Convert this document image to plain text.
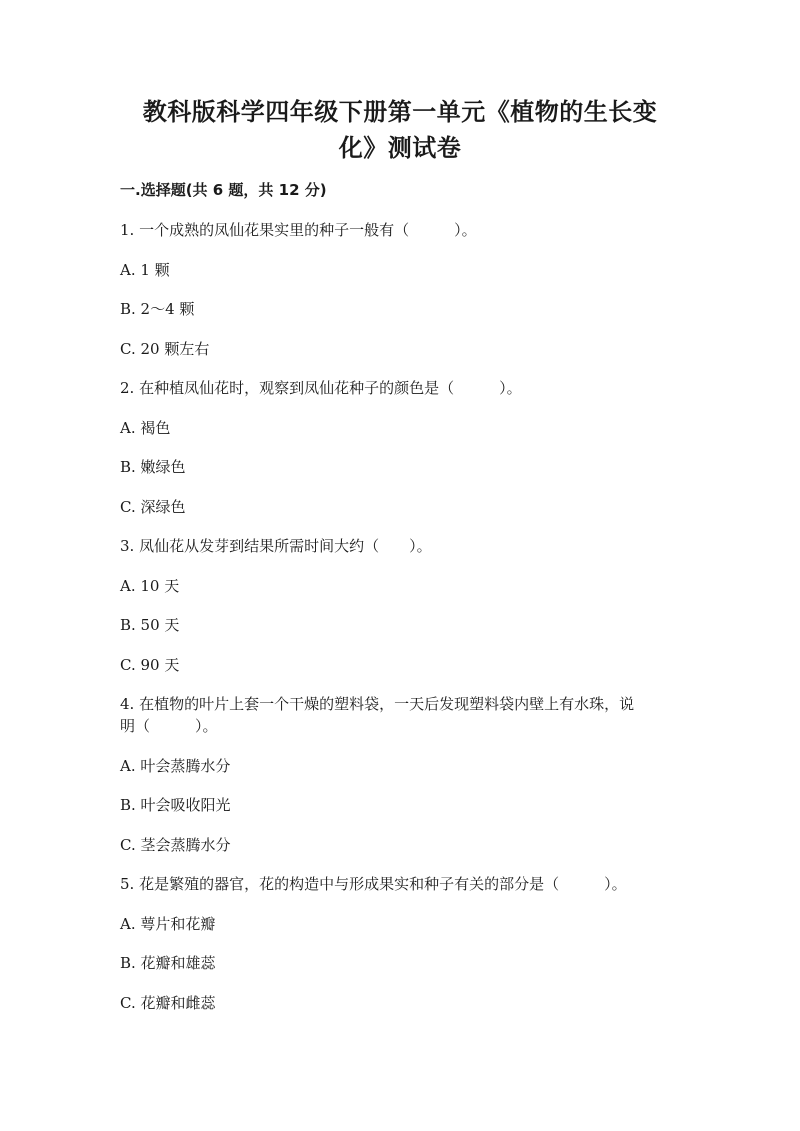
教科版科学四年级下册第一单元《植物的生长变
化》测试卷
一.选择题(共 6 题，共 12 分)
1. 一个成熟的凤仙花果实里的种子一般有（　　　）。
A. 1 颗
B. 2～4 颗
C. 20 颗左右
2. 在种植凤仙花时，观察到凤仙花种子的颜色是（　　　）。
A. 褐色
B. 嫩绿色
C. 深绿色
3. 凤仙花从发芽到结果所需时间大约（　　）。
A. 10 天
B. 50 天
C. 90 天
4. 在植物的叶片上套一个干燥的塑料袋，一天后发现塑料袋内壁上有水珠，说
明（　　　）。
A. 叶会蒸腾水分
B. 叶会吸收阳光
C. 茎会蒸腾水分
5. 花是繁殖的器官，花的构造中与形成果实和种子有关的部分是（　　　）。
A. 萼片和花瓣
B. 花瓣和雄蕊
C. 花瓣和雌蕊
